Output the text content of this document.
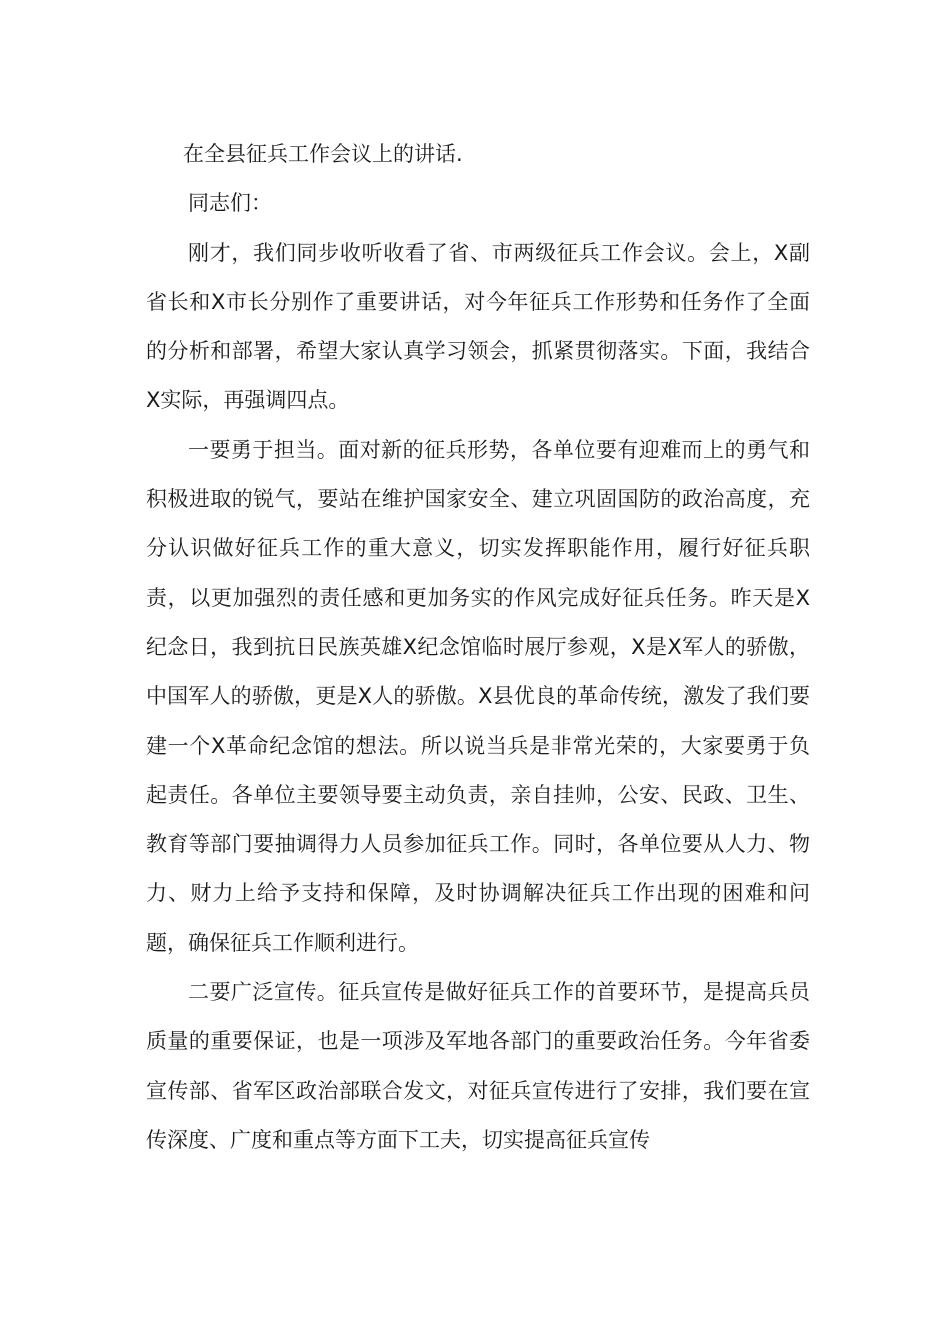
在全县征兵工作会议上的讲话.

同志们：

刚才，我们同步收听收看了省、市两级征兵工作会议。会上，X副省长和X市长分别作了重要讲话，对今年征兵工作形势和任务作了全面的分析和部署，希望大家认真学习领会，抓紧贯彻落实。下面，我结合X实际，再强调四点。

一要勇于担当。面对新的征兵形势，各单位要有迎难而上的勇气和积极进取的锐气，要站在维护国家安全、建立巩固国防的政治高度，充分认识做好征兵工作的重大意义，切实发挥职能作用，履行好征兵职责，以更加强烈的责任感和更加务实的作风完成好征兵任务。昨天是X纪念日，我到抗日民族英雄X纪念馆临时展厅参观，X是X军人的骄傲，中国军人的骄傲，更是X人的骄傲。X县优良的革命传统，激发了我们要建一个X革命纪念馆的想法。所以说当兵是非常光荣的，大家要勇于负起责任。各单位主要领导要主动负责，亲自挂帅，公安、民政、卫生、教育等部门要抽调得力人员参加征兵工作。同时，各单位要从人力、物力、财力上给予支持和保障，及时协调解决征兵工作出现的困难和问题，确保征兵工作顺利进行。

二要广泛宣传。征兵宣传是做好征兵工作的首要环节，是提高兵员质量的重要保证，也是一项涉及军地各部门的重要政治任务。今年省委宣传部、省军区政治部联合发文，对征兵宣传进行了安排，我们要在宣传深度、广度和重点等方面下工夫，切实提高征兵宣传
